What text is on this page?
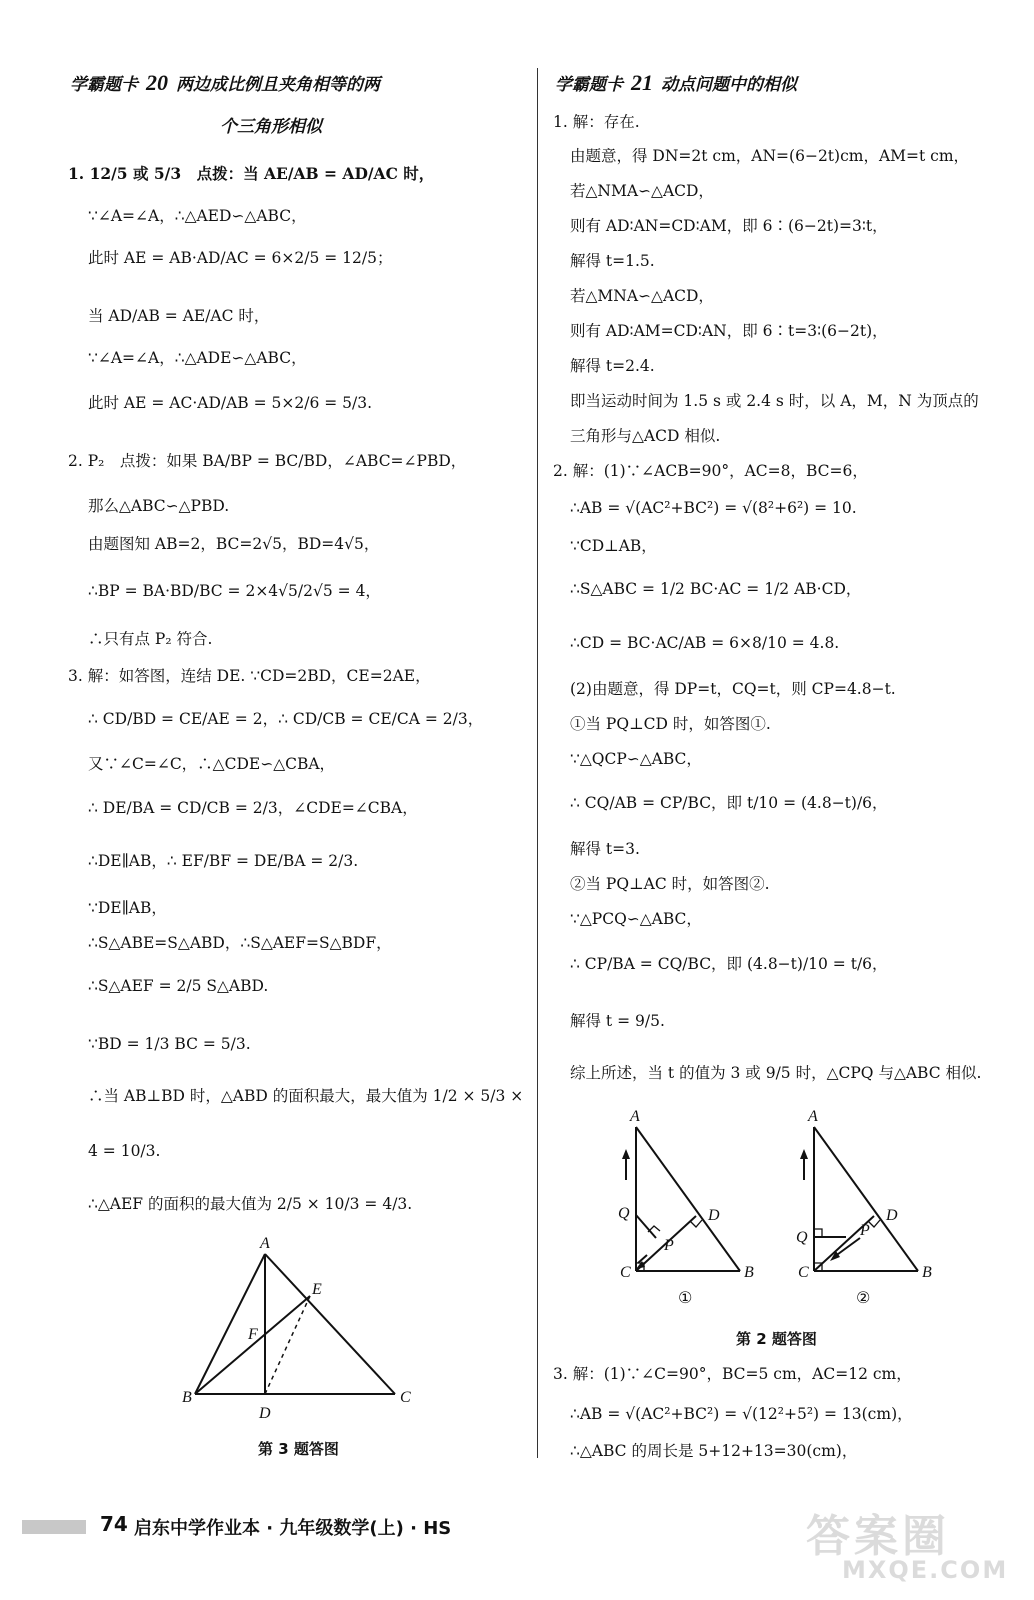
学霸题卡 20 两边成比例且夹角相等的两
个三角形相似
1. 12/5 或 5/3　点拨：当 AE/AB = AD/AC 时，
∵∠A=∠A，∴△AED∽△ABC，
此时 AE = AB·AD/AC = 6×2/5 = 12/5；
当 AD/AB = AE/AC 时，
∵∠A=∠A，∴△ADE∽△ABC，
此时 AE = AC·AD/AB = 5×2/6 = 5/3.
2. P₂　点拨：如果 BA/BP = BC/BD，∠ABC=∠PBD，
那么△ABC∽△PBD.
由题图知 AB=2，BC=2√5，BD=4√5，
∴BP = BA·BD/BC = 2×4√5/2√5 = 4，
∴只有点 P₂ 符合.
3. 解：如答图，连结 DE. ∵CD=2BD，CE=2AE，
∴ CD/BD = CE/AE = 2，∴ CD/CB = CE/CA = 2/3，
又∵∠C=∠C，∴△CDE∽△CBA，
∴ DE/BA = CD/CB = 2/3，∠CDE=∠CBA，
∴DE∥AB，∴ EF/BF = DE/BA = 2/3.
∵DE∥AB，
∴S△ABE=S△ABD，∴S△AEF=S△BDF，
∴S△AEF = 2/5 S△ABD.
∵BD = 1/3 BC = 5/3.
∴当 AB⊥BD 时，△ABD 的面积最大，最大值为 1/2 × 5/3 ×
4 = 10/3.
∴△AEF 的面积的最大值为 2/5 × 10/3 = 4/3.
A
E
F
B
D
C
第 3 题答图
学霸题卡 21 动点问题中的相似
1. 解：存在.
由题意，得 DN=2t cm，AN=(6−2t)cm，AM=t cm，
若△NMA∽△ACD，
则有 AD∶AN=CD∶AM，即 6∶(6−2t)=3∶t，
解得 t=1.5.
若△MNA∽△ACD，
则有 AD∶AM=CD∶AN，即 6∶t=3∶(6−2t)，
解得 t=2.4.
即当运动时间为 1.5 s 或 2.4 s 时，以 A，M，N 为顶点的
三角形与△ACD 相似.
2. 解：(1)∵∠ACB=90°，AC=8，BC=6，
∴AB = √(AC²+BC²) = √(8²+6²) = 10.
∵CD⊥AB，
∴S△ABC = 1/2 BC·AC = 1/2 AB·CD，
∴CD = BC·AC/AB = 6×8/10 = 4.8.
(2)由题意，得 DP=t，CQ=t，则 CP=4.8−t.
①当 PQ⊥CD 时，如答图①.
∵△QCP∽△ABC，
∴ CQ/AB = CP/BC，即 t/10 = (4.8−t)/6，
解得 t=3.
②当 PQ⊥AC 时，如答图②.
∵△PCQ∽△ABC，
∴ CP/BA = CQ/BC，即 (4.8−t)/10 = t/6，
解得 t = 9/5.
综上所述，当 t 的值为 3 或 9/5 时，△CPQ 与△ABC 相似.
A
Q	D
P
C	B
①
A
D
Q	P
C	B
②
第 2 题答图
3. 解：(1)∵∠C=90°，BC=5 cm，AC=12 cm，
∴AB = √(AC²+BC²) = √(12²+5²) = 13(cm)，
∴△ABC 的周长是 5+12+13=30(cm)，
74 启东中学作业本 · 九年级数学(上) · HS	答案圈
MXQE.COM
